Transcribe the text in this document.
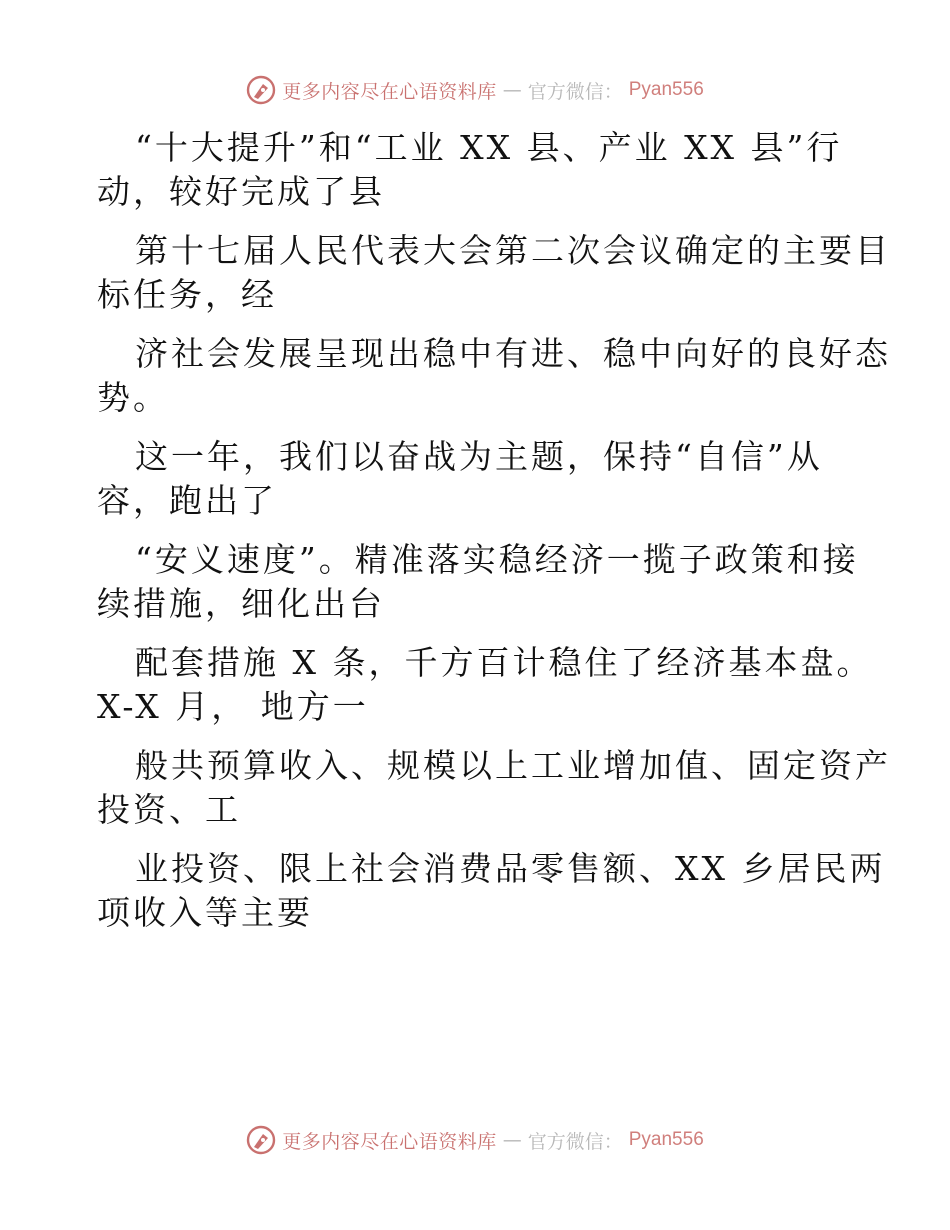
更多内容尽在心语资料库 — 官方微信： Pyan556
“十大提升”和“工业 XX 县、产业 XX 县”行
动，较好完成了县
第十七届人民代表大会第二次会议确定的主要目
标任务，经
济社会发展呈现出稳中有进、稳中向好的良好态
势。
这一年，我们以奋战为主题，保持“自信”从
容，跑出了
“安义速度”。精准落实稳经济一揽子政策和接
续措施，细化出台
配套措施 X 条，千方百计稳住了经济基本盘。
X-X 月， 地方一
般共预算收入、规模以上工业增加值、固定资产
投资、工
业投资、限上社会消费品零售额、XX 乡居民两
项收入等主要
更多内容尽在心语资料库 — 官方微信： Pyan556
